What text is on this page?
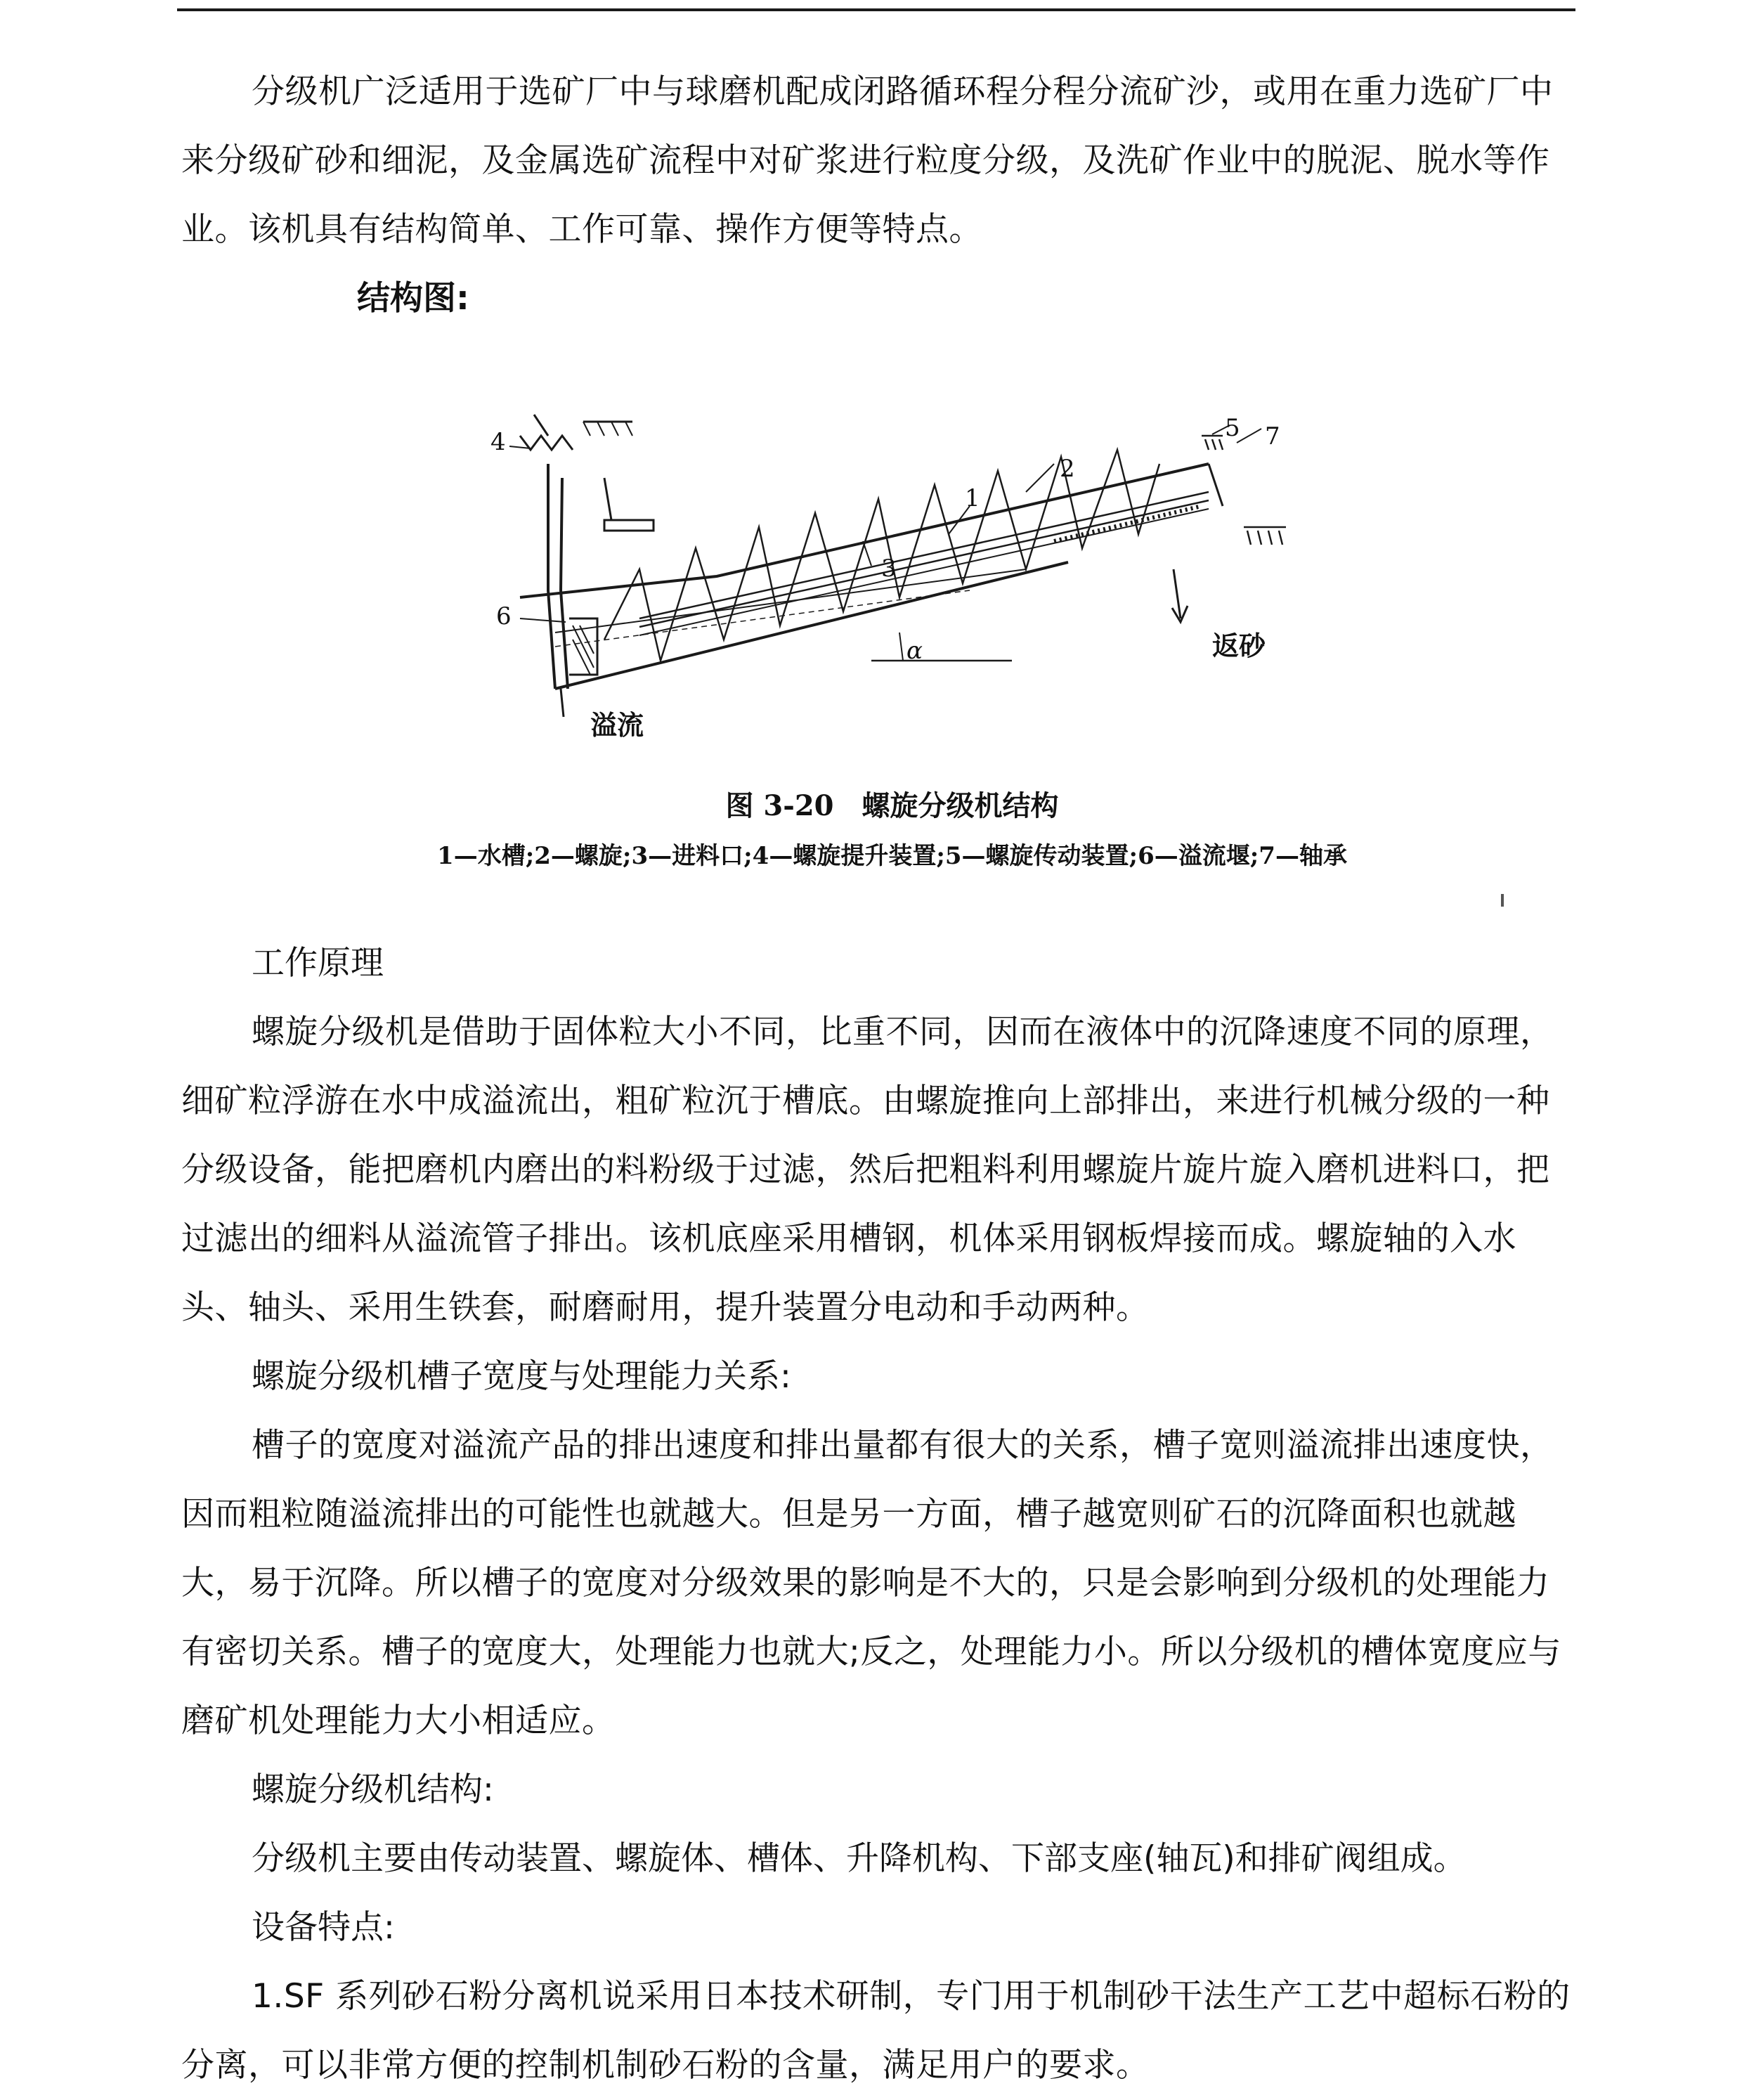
分级机广泛适用于选矿厂中与球磨机配成闭路循环程分程分流矿沙，或用在重力选矿厂中来分级矿砂和细泥，及金属选矿流程中对矿浆进行粒度分级，及洗矿作业中的脱泥、脱水等作业。该机具有结构简单、工作可靠、操作方便等特点。

结构图:

3
1
2
4	5 7
6
α	返砂
溢流

图 3-20　螺旋分级机结构

1—水槽;2—螺旋;3—进料口;4—螺旋提升装置;5—螺旋传动装置;6—溢流堰;7—轴承

工作原理

螺旋分级机是借助于固体粒大小不同，比重不同，因而在液体中的沉降速度不同的原理，细矿粒浮游在水中成溢流出，粗矿粒沉于槽底。由螺旋推向上部排出，来进行机械分级的一种分级设备，能把磨机内磨出的料粉级于过滤，然后把粗料利用螺旋片旋片旋入磨机进料口，把过滤出的细料从溢流管子排出。该机底座采用槽钢，机体采用钢板焊接而成。螺旋轴的入水头、轴头、采用生铁套，耐磨耐用，提升装置分电动和手动两种。

螺旋分级机槽子宽度与处理能力关系:

槽子的宽度对溢流产品的排出速度和排出量都有很大的关系，槽子宽则溢流排出速度快，因而粗粒随溢流排出的可能性也就越大。但是另一方面，槽子越宽则矿石的沉降面积也就越大，易于沉降。所以槽子的宽度对分级效果的影响是不大的，只是会影响到分级机的处理能力有密切关系。槽子的宽度大，处理能力也就大;反之，处理能力小。所以分级机的槽体宽度应与磨矿机处理能力大小相适应。

螺旋分级机结构:

分级机主要由传动装置、螺旋体、槽体、升降机构、下部支座(轴瓦)和排矿阀组成。

设备特点:

1.SF 系列砂石粉分离机说采用日本技术研制，专门用于机制砂干法生产工艺中超标石粉的分离，可以非常方便的控制机制砂石粉的含量，满足用户的要求。
